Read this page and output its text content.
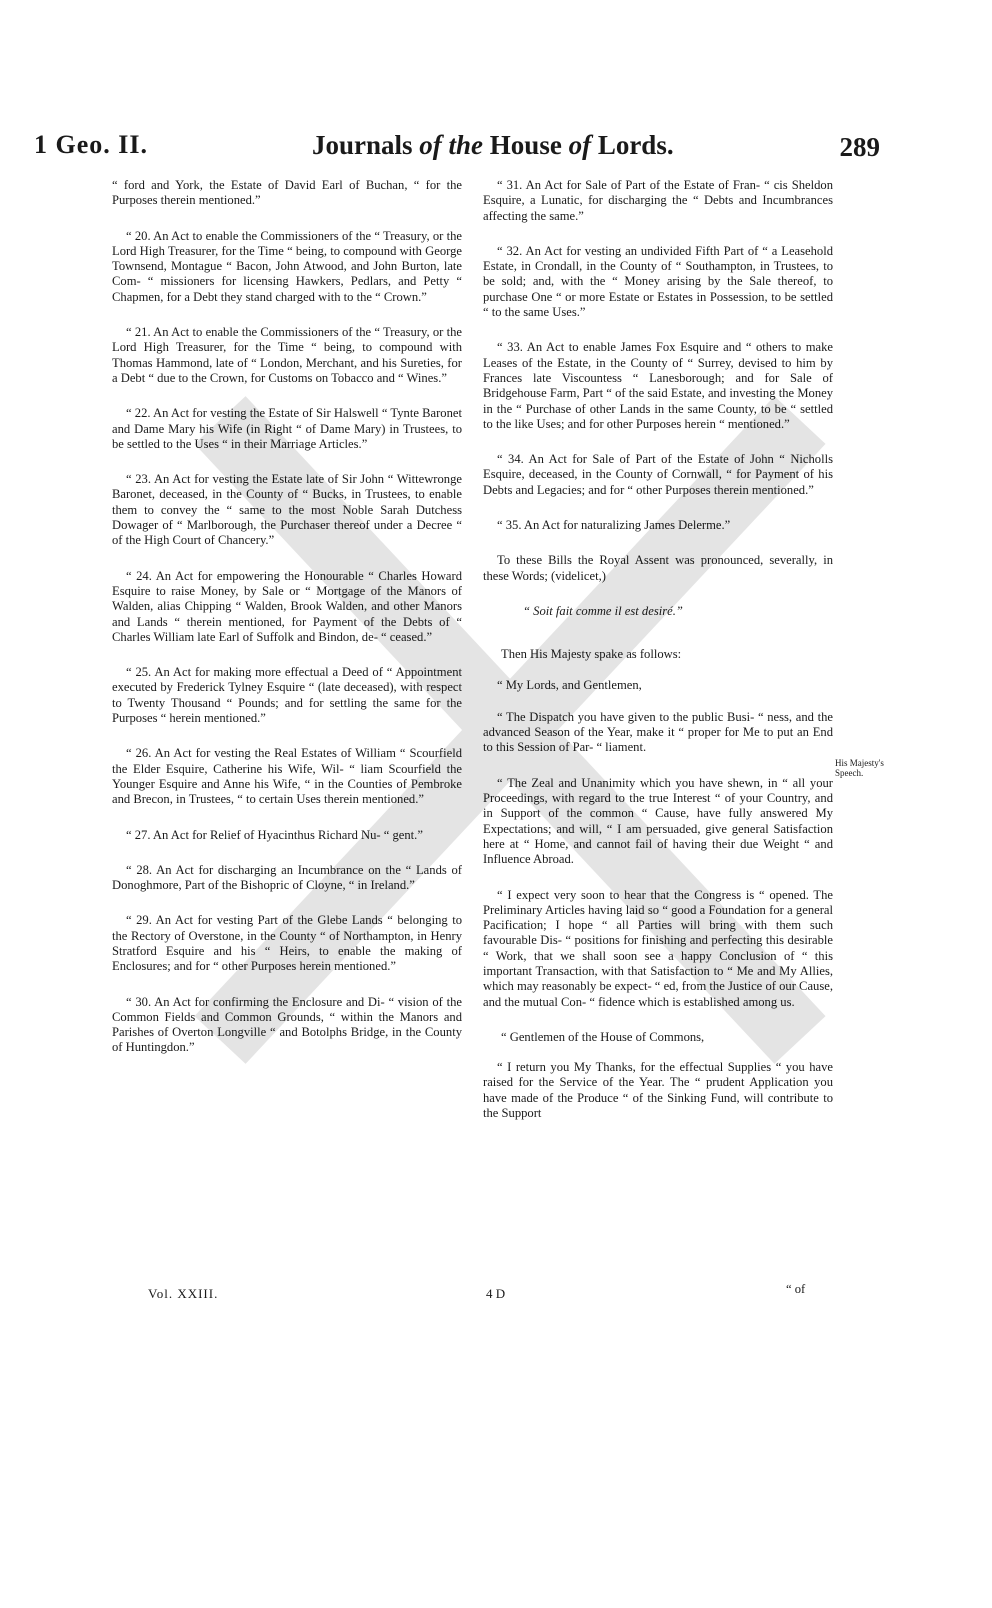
1 Geo. II.	Journals of the House of Lords.	289

“ ford and York, the Estate of David Earl of Buchan, “ for the Purposes therein mentioned.”

“ 20. An Act to enable the Commissioners of the “ Treasury, or the Lord High Treasurer, for the Time “ being, to compound with George Townsend, Montague “ Bacon, John Atwood, and John Burton, late Com- “ missioners for licensing Hawkers, Pedlars, and Petty “ Chapmen, for a Debt they stand charged with to the “ Crown.”

“ 21. An Act to enable the Commissioners of the “ Treasury, or the Lord High Treasurer, for the Time “ being, to compound with Thomas Hammond, late of “ London, Merchant, and his Sureties, for a Debt “ due to the Crown, for Customs on Tobacco and “ Wines.”

“ 22. An Act for vesting the Estate of Sir Halswell “ Tynte Baronet and Dame Mary his Wife (in Right “ of Dame Mary) in Trustees, to be settled to the Uses “ in their Marriage Articles.”

“ 23. An Act for vesting the Estate late of Sir John “ Wittewronge Baronet, deceased, in the County of “ Bucks, in Trustees, to enable them to convey the “ same to the most Noble Sarah Dutchess Dowager of “ Marlborough, the Purchaser thereof under a Decree “ of the High Court of Chancery.”

“ 24. An Act for empowering the Honourable “ Charles Howard Esquire to raise Money, by Sale or “ Mortgage of the Manors of Walden, alias Chipping “ Walden, Brook Walden, and other Manors and Lands “ therein mentioned, for Payment of the Debts of “ Charles William late Earl of Suffolk and Bindon, de- “ ceased.”

“ 25. An Act for making more effectual a Deed of “ Appointment executed by Frederick Tylney Esquire “ (late deceased), with respect to Twenty Thousand “ Pounds; and for settling the same for the Purposes “ herein mentioned.”

“ 26. An Act for vesting the Real Estates of William “ Scourfield the Elder Esquire, Catherine his Wife, Wil- “ liam Scourfield the Younger Esquire and Anne his Wife, “ in the Counties of Pembroke and Brecon, in Trustees, “ to certain Uses therein mentioned.”

“ 27. An Act for Relief of Hyacinthus Richard Nu- “ gent.”

“ 28. An Act for discharging an Incumbrance on the “ Lands of Donoghmore, Part of the Bishopric of Cloyne, “ in Ireland.”

“ 29. An Act for vesting Part of the Glebe Lands “ belonging to the Rectory of Overstone, in the County “ of Northampton, in Henry Stratford Esquire and his “ Heirs, to enable the making of Enclosures; and for “ other Purposes herein mentioned.”

“ 30. An Act for confirming the Enclosure and Di- “ vision of the Common Fields and Common Grounds, “ within the Manors and Parishes of Overton Longville “ and Botolphs Bridge, in the County of Huntingdon.”

“ 31. An Act for Sale of Part of the Estate of Fran- “ cis Sheldon Esquire, a Lunatic, for discharging the “ Debts and Incumbrances affecting the same.”

“ 32. An Act for vesting an undivided Fifth Part of “ a Leasehold Estate, in Crondall, in the County of “ Southampton, in Trustees, to be sold; and, with the “ Money arising by the Sale thereof, to purchase One “ or more Estate or Estates in Possession, to be settled “ to the same Uses.”

“ 33. An Act to enable James Fox Esquire and “ others to make Leases of the Estate, in the County of “ Surrey, devised to him by Frances late Viscountess “ Lanesborough; and for Sale of Bridgehouse Farm, Part “ of the said Estate, and investing the Money in the “ Purchase of other Lands in the same County, to be “ settled to the like Uses; and for other Purposes herein “ mentioned.”

“ 34. An Act for Sale of Part of the Estate of John “ Nicholls Esquire, deceased, in the County of Cornwall, “ for Payment of his Debts and Legacies; and for “ other Purposes therein mentioned.”

“ 35. An Act for naturalizing James Delerme.”

To these Bills the Royal Assent was pronounced, severally, in these Words; (videlicet,)

“ Soit fait comme il est desiré.”

Then His Majesty spake as follows:

“ My Lords, and Gentlemen,

“ The Dispatch you have given to the public Busi- “ ness, and the advanced Season of the Year, make it “ proper for Me to put an End to this Session of Par- “ liament.

“ The Zeal and Unanimity which you have shewn, in “ all your Proceedings, with regard to the true Interest “ of your Country, and in Support of the common “ Cause, have fully answered My Expectations; and will, “ I am persuaded, give general Satisfaction here at “ Home, and cannot fail of having their due Weight “ and Influence Abroad.

“ I expect very soon to hear that the Congress is “ opened. The Preliminary Articles having laid so “ good a Foundation for a general Pacification; I hope “ all Parties will bring with them such favourable Dis- “ positions for finishing and perfecting this desirable “ Work, that we shall soon see a happy Conclusion of “ this important Transaction, with that Satisfaction to “ Me and My Allies, which may reasonably be expect- “ ed, from the Justice of our Cause, and the mutual Con- “ fidence which is established among us.

“ Gentlemen of the House of Commons,

“ I return you My Thanks, for the effectual Supplies “ you have raised for the Service of the Year. The “ prudent Application you have made of the Produce “ of the Sinking Fund, will contribute to the Support

His Majesty's Speech.
Vol. XXIII.	4 D	“ of
